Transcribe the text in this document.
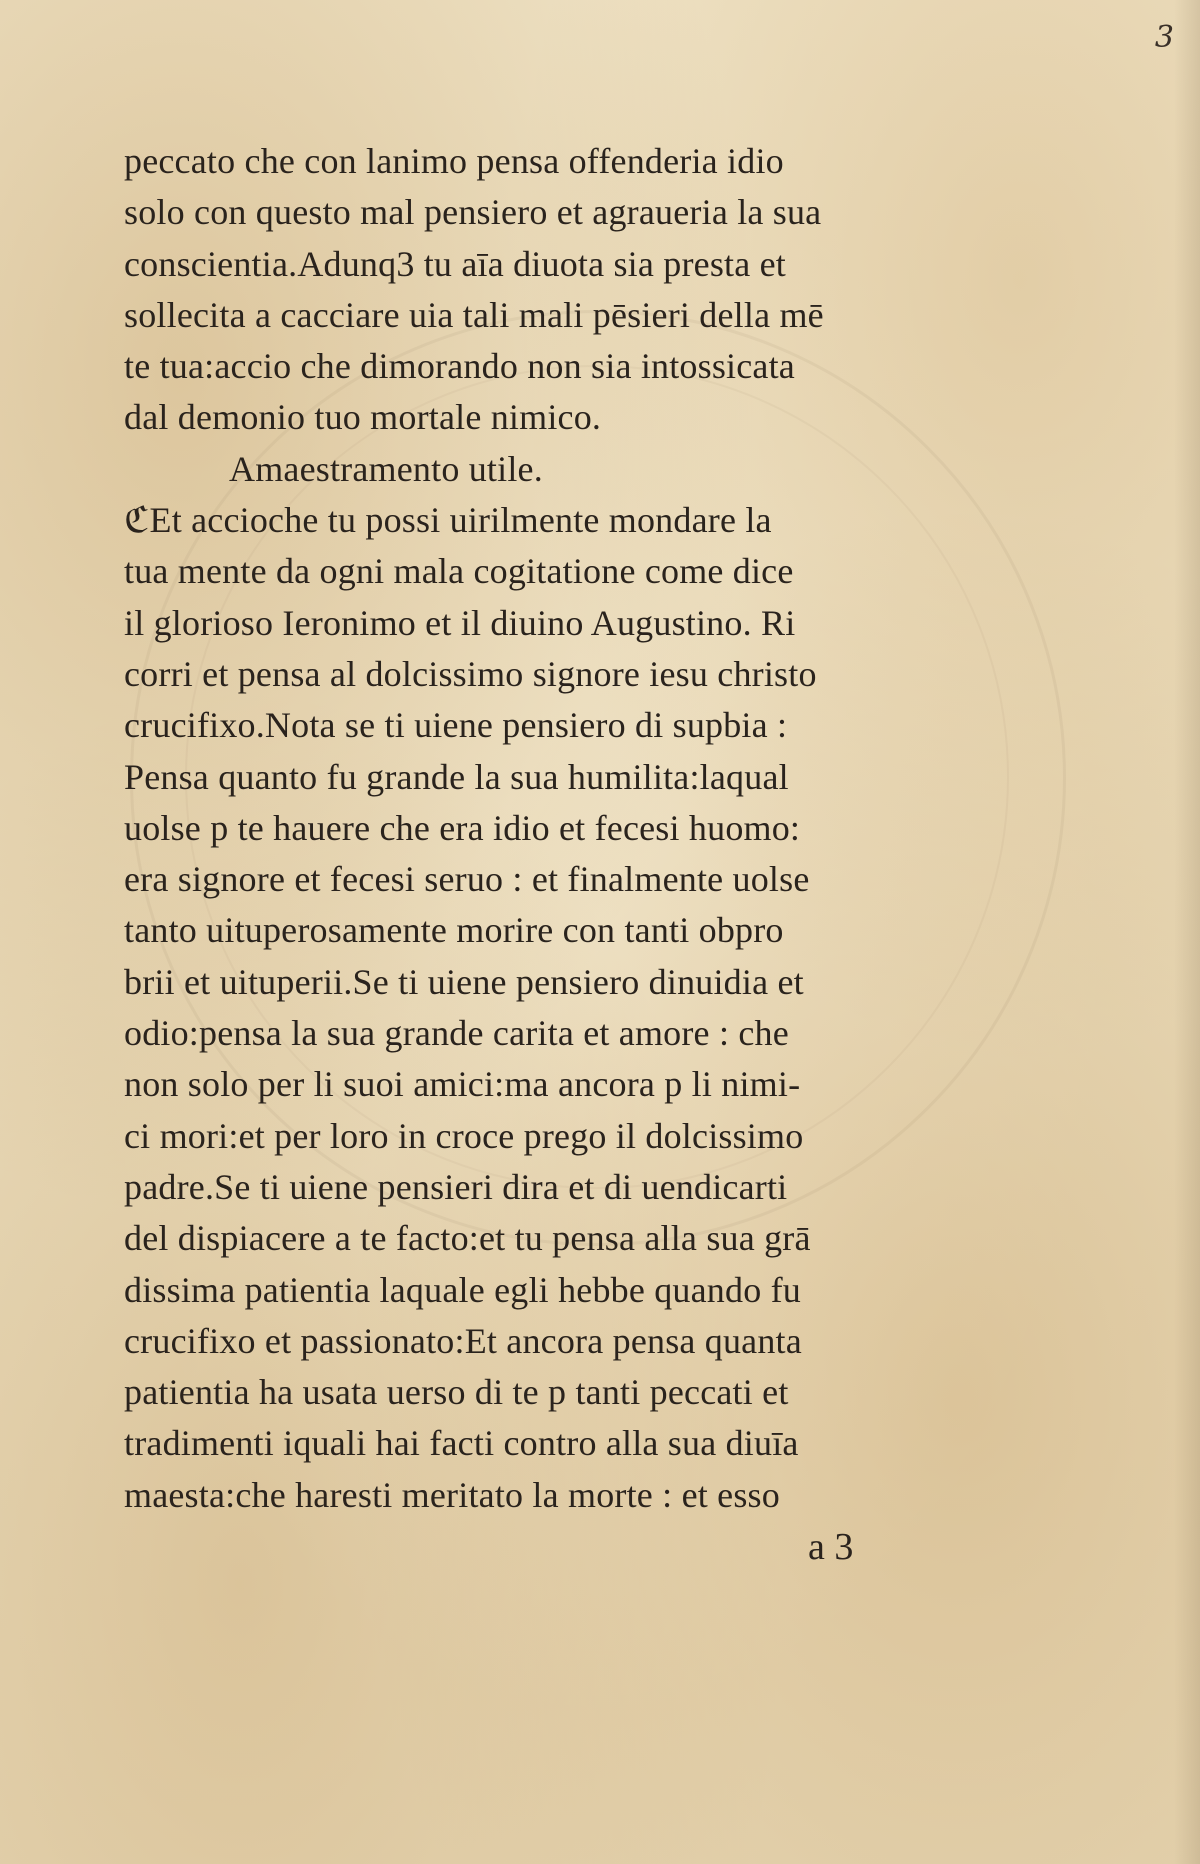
3
peccato che con lanimo pensa offenderia idio
solo con questo mal pensiero et agraueria la sua
conscientia.Adunq3 tu aīa diuota sia presta et
sollecita a cacciare uia tali mali pēsieri della mē
te tua:accio che dimorando non sia intossicata
dal demonio tuo mortale nimico.
Amaestramento utile.
ℭEt accioche tu possi uirilmente mondare la
tua mente da ogni mala cogitatione come dice
il glorioso Ieronimo et il diuino Augustino. Ri
corri et pensa al dolcissimo signore iesu christo
crucifixo.Nota se ti uiene pensiero di supbia :
Pensa quanto fu grande la sua humilita:laqual
uolse p te hauere che era idio et fecesi huomo:
era signore et fecesi seruo : et finalmente uolse
tanto uituperosamente morire con tanti obpro
brii et uituperii.Se ti uiene pensiero dinuidia et
odio:pensa la sua grande carita et amore : che
non solo per li suoi amici:ma ancora p li nimi-
ci mori:et per loro in croce prego il dolcissimo
padre.Se ti uiene pensieri dira et di uendicarti
del dispiacere a te facto:et tu pensa alla sua grā
dissima patientia laquale egli hebbe quando fu
crucifixo et passionato:Et ancora pensa quanta
patientia ha usata uerso di te p tanti peccati et
tradimenti iquali hai facti contro alla sua diuīa
maesta:che haresti meritato la morte : et esso
a 3
